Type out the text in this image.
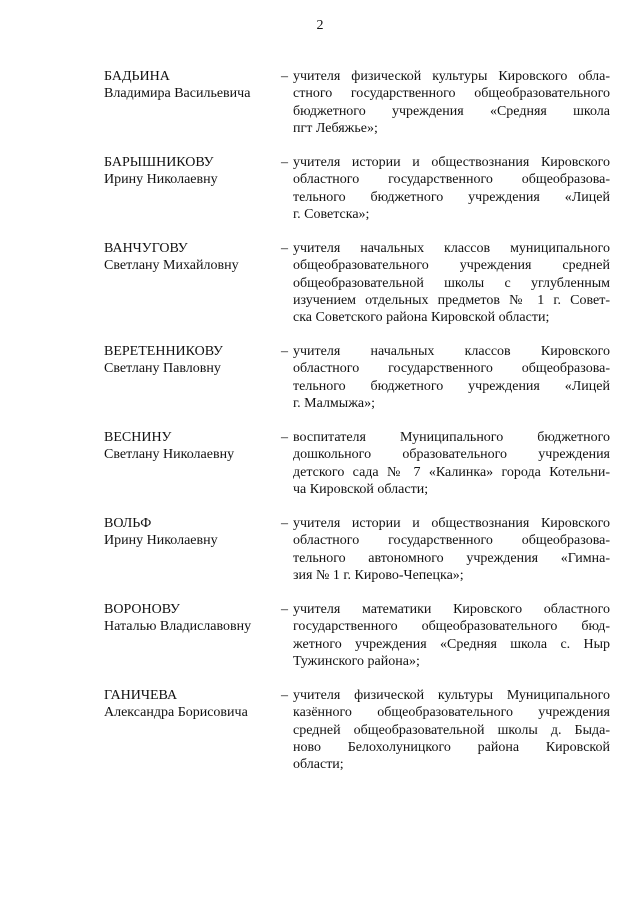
2
БАДЬИНА
Владимира Васильевича
– учителя физической культуры Кировского обла-
стного государственного общеобразовательного
бюджетного учреждения «Средняя школа
пгт Лебяжье»;
БАРЫШНИКОВУ
Ирину Николаевну
– учителя истории и обществознания Кировского
областного государственного общеобразова-
тельного бюджетного учреждения «Лицей
г. Советска»;
ВАНЧУГОВУ
Светлану Михайловну
– учителя начальных классов муниципального
общеобразовательного учреждения средней
общеобразовательной школы с углубленным
изучением отдельных предметов № 1 г. Совет-
ска Советского района Кировской области;
ВЕРЕТЕННИКОВУ
Светлану Павловну
– учителя начальных классов Кировского
областного государственного общеобразова-
тельного бюджетного учреждения «Лицей
г. Малмыжа»;
ВЕСНИНУ
Светлану Николаевну
– воспитателя Муниципального бюджетного
дошкольного образовательного учреждения
детского сада № 7 «Калинка» города Котельни-
ча Кировской области;
ВОЛЬФ
Ирину Николаевну
– учителя истории и обществознания Кировского
областного государственного общеобразова-
тельного автономного учреждения «Гимна-
зия № 1 г. Кирово-Чепецка»;
ВОРОНОВУ
Наталью Владиславовну
– учителя математики Кировского областного
государственного общеобразовательного бюд-
жетного учреждения «Средняя школа с. Ныр
Тужинского района»;
ГАНИЧЕВА
Александра Борисовича
– учителя физической культуры Муниципального
казённого общеобразовательного учреждения
средней общеобразовательной школы д. Быда-
ново Белохолуницкого района Кировской
области;
